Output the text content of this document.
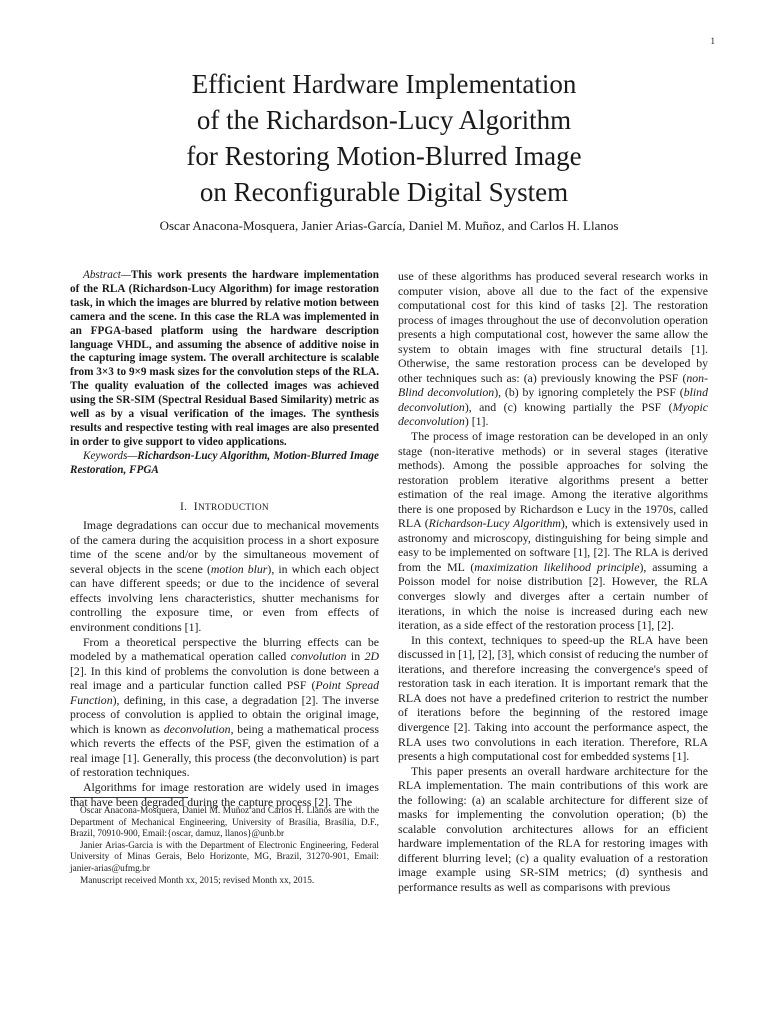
1
Efficient Hardware Implementation
of the Richardson-Lucy Algorithm
for Restoring Motion-Blurred Image
on Reconfigurable Digital System
Oscar Anacona-Mosquera, Janier Arias-García, Daniel M. Muñoz, and Carlos H. Llanos

Abstract—This work presents the hardware implementation of the RLA (Richardson-Lucy Algorithm) for image restoration task, in which the images are blurred by relative motion between camera and the scene. In this case the RLA was implemented in an FPGA-based platform using the hardware description language VHDL, and assuming the absence of additive noise in the capturing image system. The overall architecture is scalable from 3×3 to 9×9 mask sizes for the convolution steps of the RLA. The quality evaluation of the collected images was achieved using the SR-SIM (Spectral Residual Based Similarity) metric as well as by a visual verification of the images. The synthesis results and respective testing with real images are also presented in order to give support to video applications.

Keywords—Richardson-Lucy Algorithm, Motion-Blurred Image Restoration, FPGA

I. INTRODUCTION

Image degradations can occur due to mechanical movements of the camera during the acquisition process in a short exposure time of the scene and/or by the simultaneous movement of several objects in the scene (motion blur), in which each object can have different speeds; or due to the incidence of several effects involving lens characteristics, shutter mechanisms for controlling the exposure time, or even from effects of environment conditions [1].

From a theoretical perspective the blurring effects can be modeled by a mathematical operation called convolution in 2D [2]. In this kind of problems the convolution is done between a real image and a particular function called PSF (Point Spread Function), defining, in this case, a degradation [2]. The inverse process of convolution is applied to obtain the original image, which is known as deconvolution, being a mathematical process which reverts the effects of the PSF, given the estimation of a real image [1]. Generally, this process (the deconvolution) is part of restoration techniques.

Algorithms for image restoration are widely used in images that have been degraded during the capture process [2]. The

Oscar Anacona-Mosquera, Daniel M. Muñoz and Carlos H. Llanos are with the Department of Mechanical Engineering, University of Brasília, Brasília, D.F., Brazil, 70910-900, Email:{oscar, damuz, llanos}@unb.br

Janier Arias-Garcia is with the Department of Electronic Engineering, Federal University of Minas Gerais, Belo Horizonte, MG, Brazil, 31270-901, Email: janier-arias@ufmg.br

Manuscript received Month xx, 2015; revised Month xx, 2015.

use of these algorithms has produced several research works in computer vision, above all due to the fact of the expensive computational cost for this kind of tasks [2]. The restoration process of images throughout the use of deconvolution operation presents a high computational cost, however the same allow the system to obtain images with fine structural details [1]. Otherwise, the same restoration process can be developed by other techniques such as: (a) previously knowing the PSF (non-Blind deconvolution), (b) by ignoring completely the PSF (blind deconvolution), and (c) knowing partially the PSF (Myopic deconvolution) [1].

The process of image restoration can be developed in an only stage (non-iterative methods) or in several stages (iterative methods). Among the possible approaches for solving the restoration problem iterative algorithms present a better estimation of the real image. Among the iterative algorithms there is one proposed by Richardson e Lucy in the 1970s, called RLA (Richardson-Lucy Algorithm), which is extensively used in astronomy and microscopy, distinguishing for being simple and easy to be implemented on software [1], [2]. The RLA is derived from the ML (maximization likelihood principle), assuming a Poisson model for noise distribution [2]. However, the RLA converges slowly and diverges after a certain number of iterations, in which the noise is increased during each new iteration, as a side effect of the restoration process [1], [2].

In this context, techniques to speed-up the RLA have been discussed in [1], [2], [3], which consist of reducing the number of iterations, and therefore increasing the convergence's speed of restoration task in each iteration. It is important remark that the RLA does not have a predefined criterion to restrict the number of iterations before the beginning of the restored image divergence [2]. Taking into account the performance aspect, the RLA uses two convolutions in each iteration. Therefore, RLA presents a high computational cost for embedded systems [1].

This paper presents an overall hardware architecture for the RLA implementation. The main contributions of this work are the following: (a) an scalable architecture for different size of masks for implementing the convolution operation; (b) the scalable convolution architectures allows for an efficient hardware implementation of the RLA for restoring images with different blurring level; (c) a quality evaluation of a restoration image example using SR-SIM metrics; (d) synthesis and performance results as well as comparisons with previous
